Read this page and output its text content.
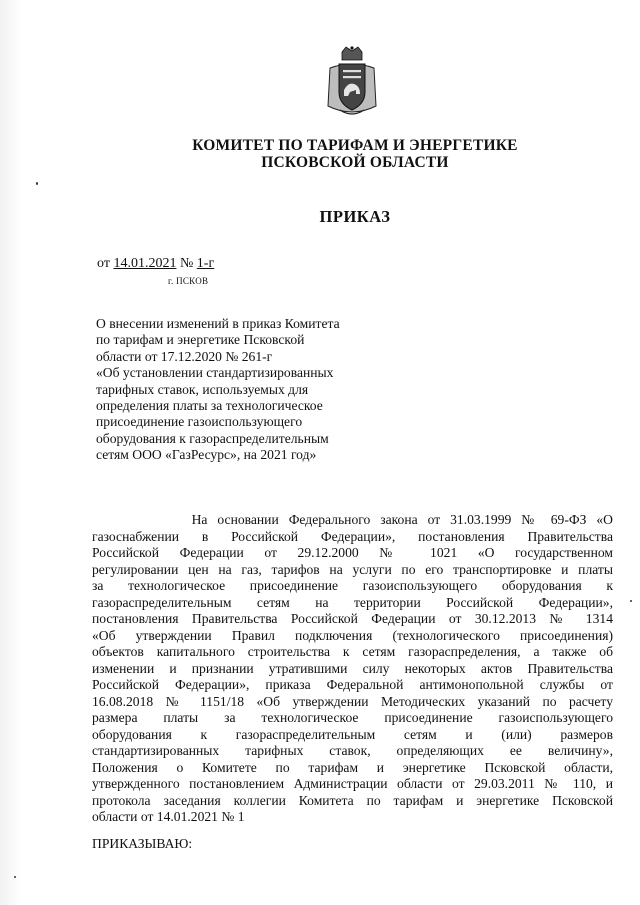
КОМИТЕТ ПО ТАРИФАМ И ЭНЕРГЕТИКЕ
ПСКОВСКОЙ ОБЛАСТИ
ПРИКАЗ
от 14.01.2021 № 1-г
г. ПСКОВ
О внесении изменений в приказ Комитета
по тарифам и энергетике Псковской
области от 17.12.2020 № 261-г
«Об установлении стандартизированных
тарифных ставок, используемых для
определения платы за технологическое
присоединение газоиспользующего
оборудования к газораспределительным
сетям ООО «ГазРесурс», на 2021 год»
На основании Федерального закона от 31.03.1999 № 69-ФЗ «О
газоснабжении в Российской Федерации», постановления Правительства
Российской Федерации от 29.12.2000 № 1021 «О государственном
регулировании цен на газ, тарифов на услуги по его транспортировке и платы
за технологическое присоединение газоиспользующего оборудования к
газораспределительным сетям на территории Российской Федерации»,
постановления Правительства Российской Федерации от 30.12.2013 № 1314
«Об утверждении Правил подключения (технологического присоединения)
объектов капитального строительства к сетям газораспределения, а также об
изменении и признании утратившими силу некоторых актов Правительства
Российской Федерации», приказа Федеральной антимонопольной службы от
16.08.2018 № 1151/18 «Об утверждении Методических указаний по расчету
размера платы за технологическое присоединение газоиспользующего
оборудования к газораспределительным сетям и (или) размеров
стандартизированных тарифных ставок, определяющих ее величину»,
Положения о Комитете по тарифам и энергетике Псковской области,
утвержденного постановлением Администрации области от 29.03.2011 № 110, и
протокола заседания коллегии Комитета по тарифам и энергетике Псковской
области от 14.01.2021 № 1
ПРИКАЗЫВАЮ:
